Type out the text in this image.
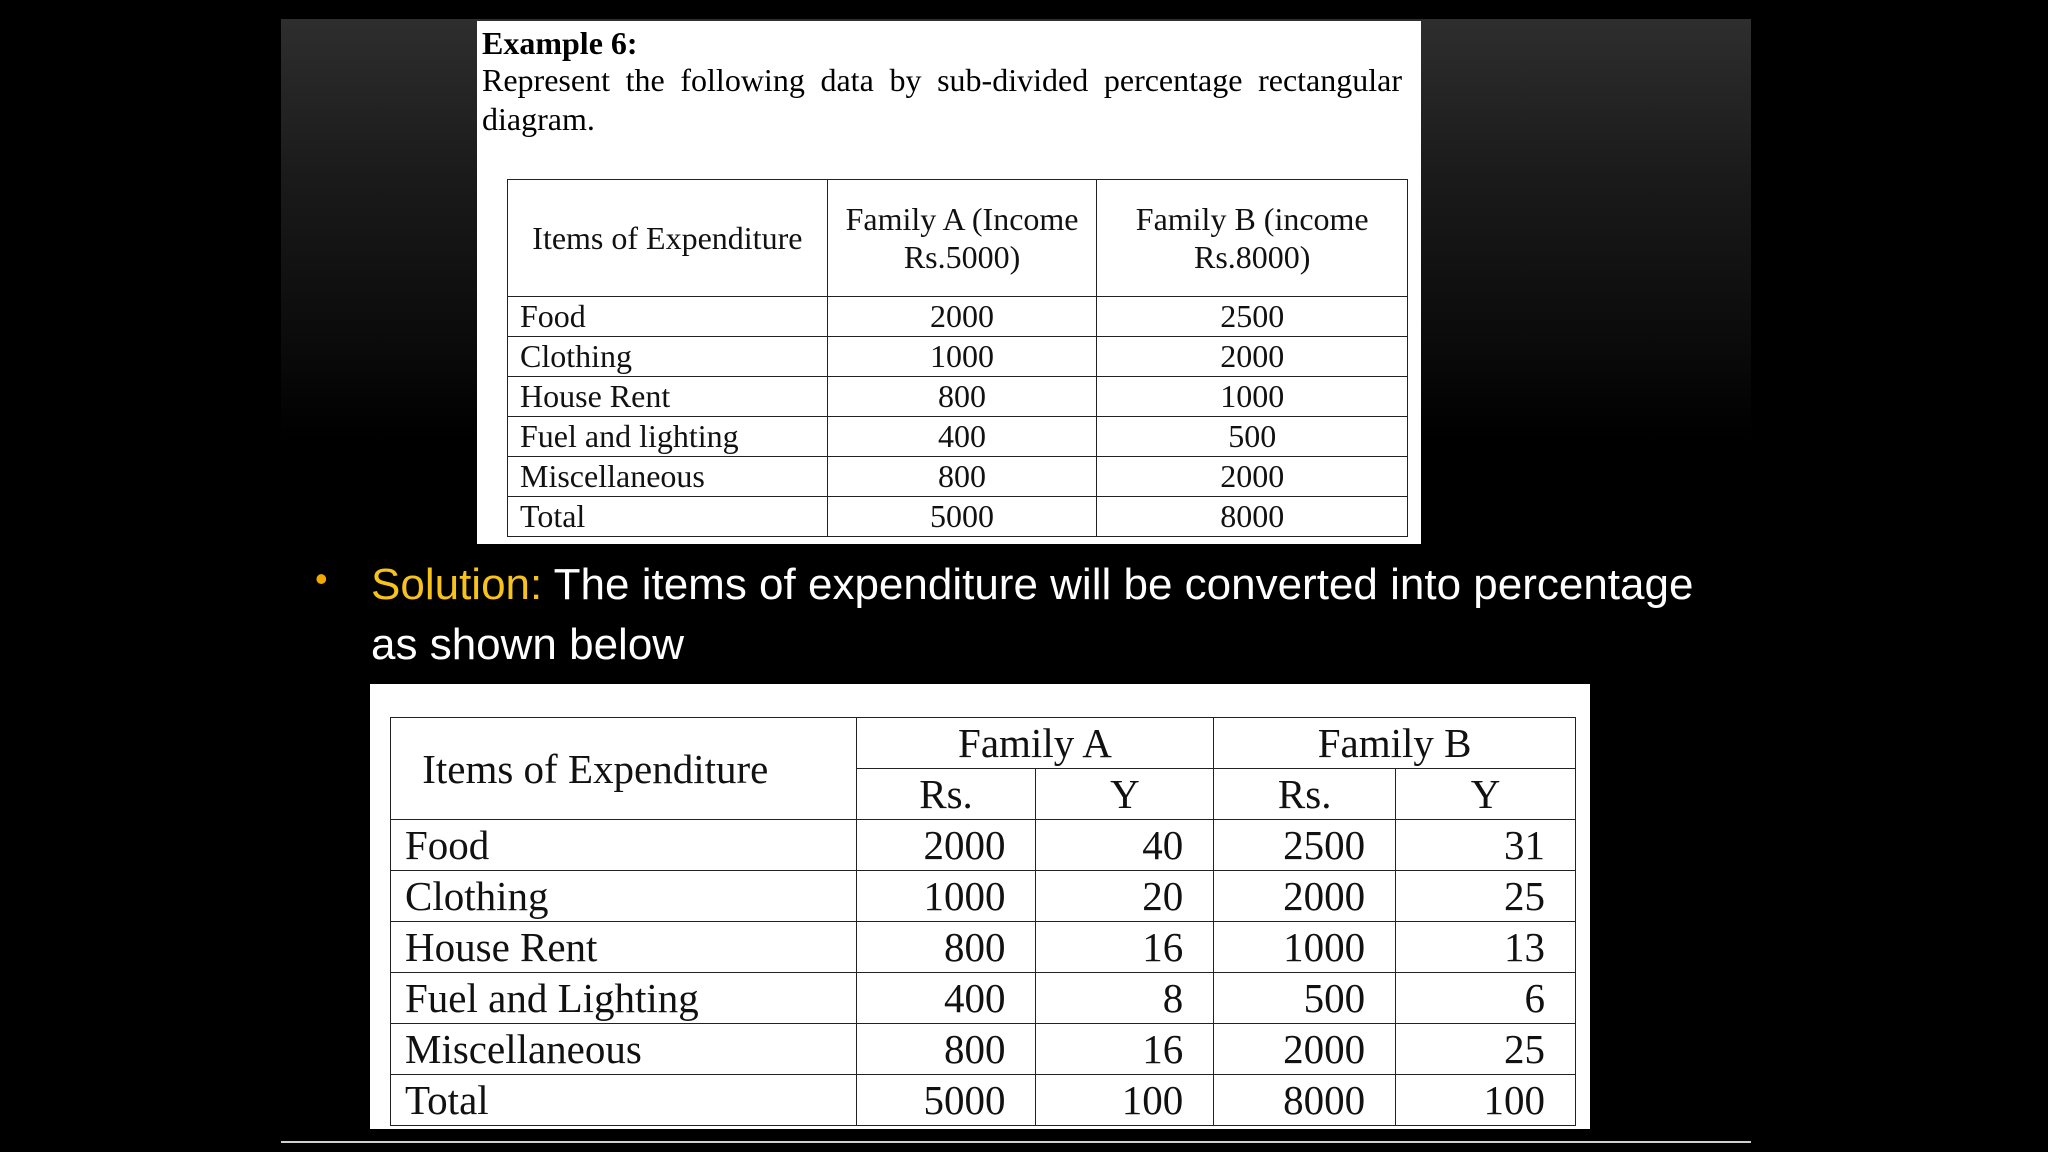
Example 6:
Represent the following data by sub-divided percentage rectangular diagram.
Items of Expenditure	Family A (Income Rs.5000)	Family B (income Rs.8000)
Food	2000	2500
Clothing	1000	2000
House Rent	800	1000
Fuel and lighting	400	500
Miscellaneous	800	2000
Total	5000	8000
• Solution: The items of expenditure will be converted into percentage as shown below
Items of Expenditure	Family A		Family B	
	Rs.	Y	Rs.	Y
Food	2000	40	2500	31
Clothing	1000	20	2000	25
House Rent	800	16	1000	13
Fuel and Lighting	400	8	500	6
Miscellaneous	800	16	2000	25
Total	5000	100	8000	100
